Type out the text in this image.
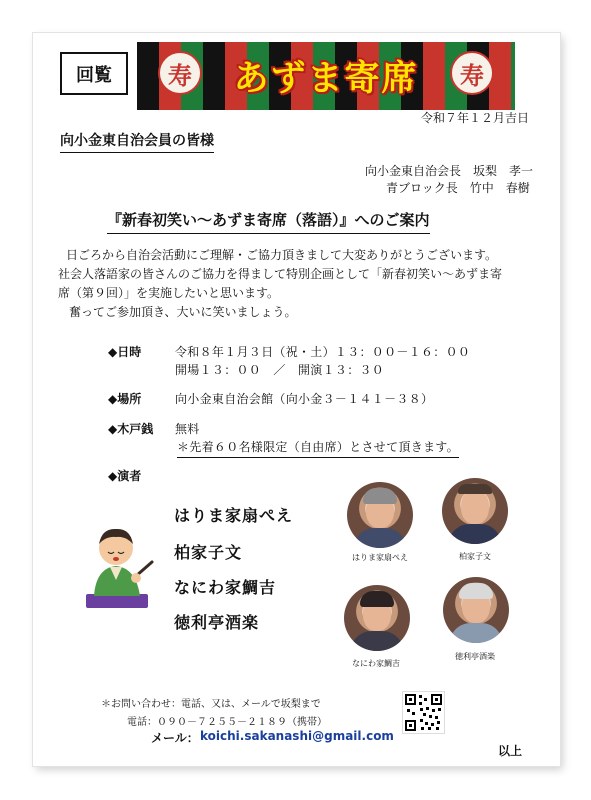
回覧	寿	寿
あずま寄席
令和７年１２月吉日
向小金東自治会員の皆様
向小金東自治会長　坂梨　孝一
青ブロック長　竹中　春樹
『新春初笑い～あずま寄席（落語）』へのご案内
日ごろから自治会活動にご理解・ご協力頂きまして大変ありがとうございます。
社会人落語家の皆さんのご協力を得まして特別企画として「新春初笑い～あずま寄
席（第９回）」を実施したいと思います。
奮ってご参加頂き、大いに笑いましょう。
◆日時	令和８年１月３日（祝・土）１３：００－１６：００
開場１３：００　／　開演１３：３０
◆場所	向小金東自治会館（向小金３－１４１－３８）
◆木戸銭 無料
＊先着６０名様限定（自由席）とさせて頂きます。
◆演者
はりま家扇ぺえ
柏家子文
なにわ家鯛吉
徳利亭酒楽
はりま家扇ぺえ	柏家子文
なにわ家鯛吉
徳利亭酒楽
＊お問い合わせ：電話、又は、メールで坂梨まで
電話：０９０－７２５５－２１８９（携帯）
メール： koichi.sakanashi@gmail.com
以上
